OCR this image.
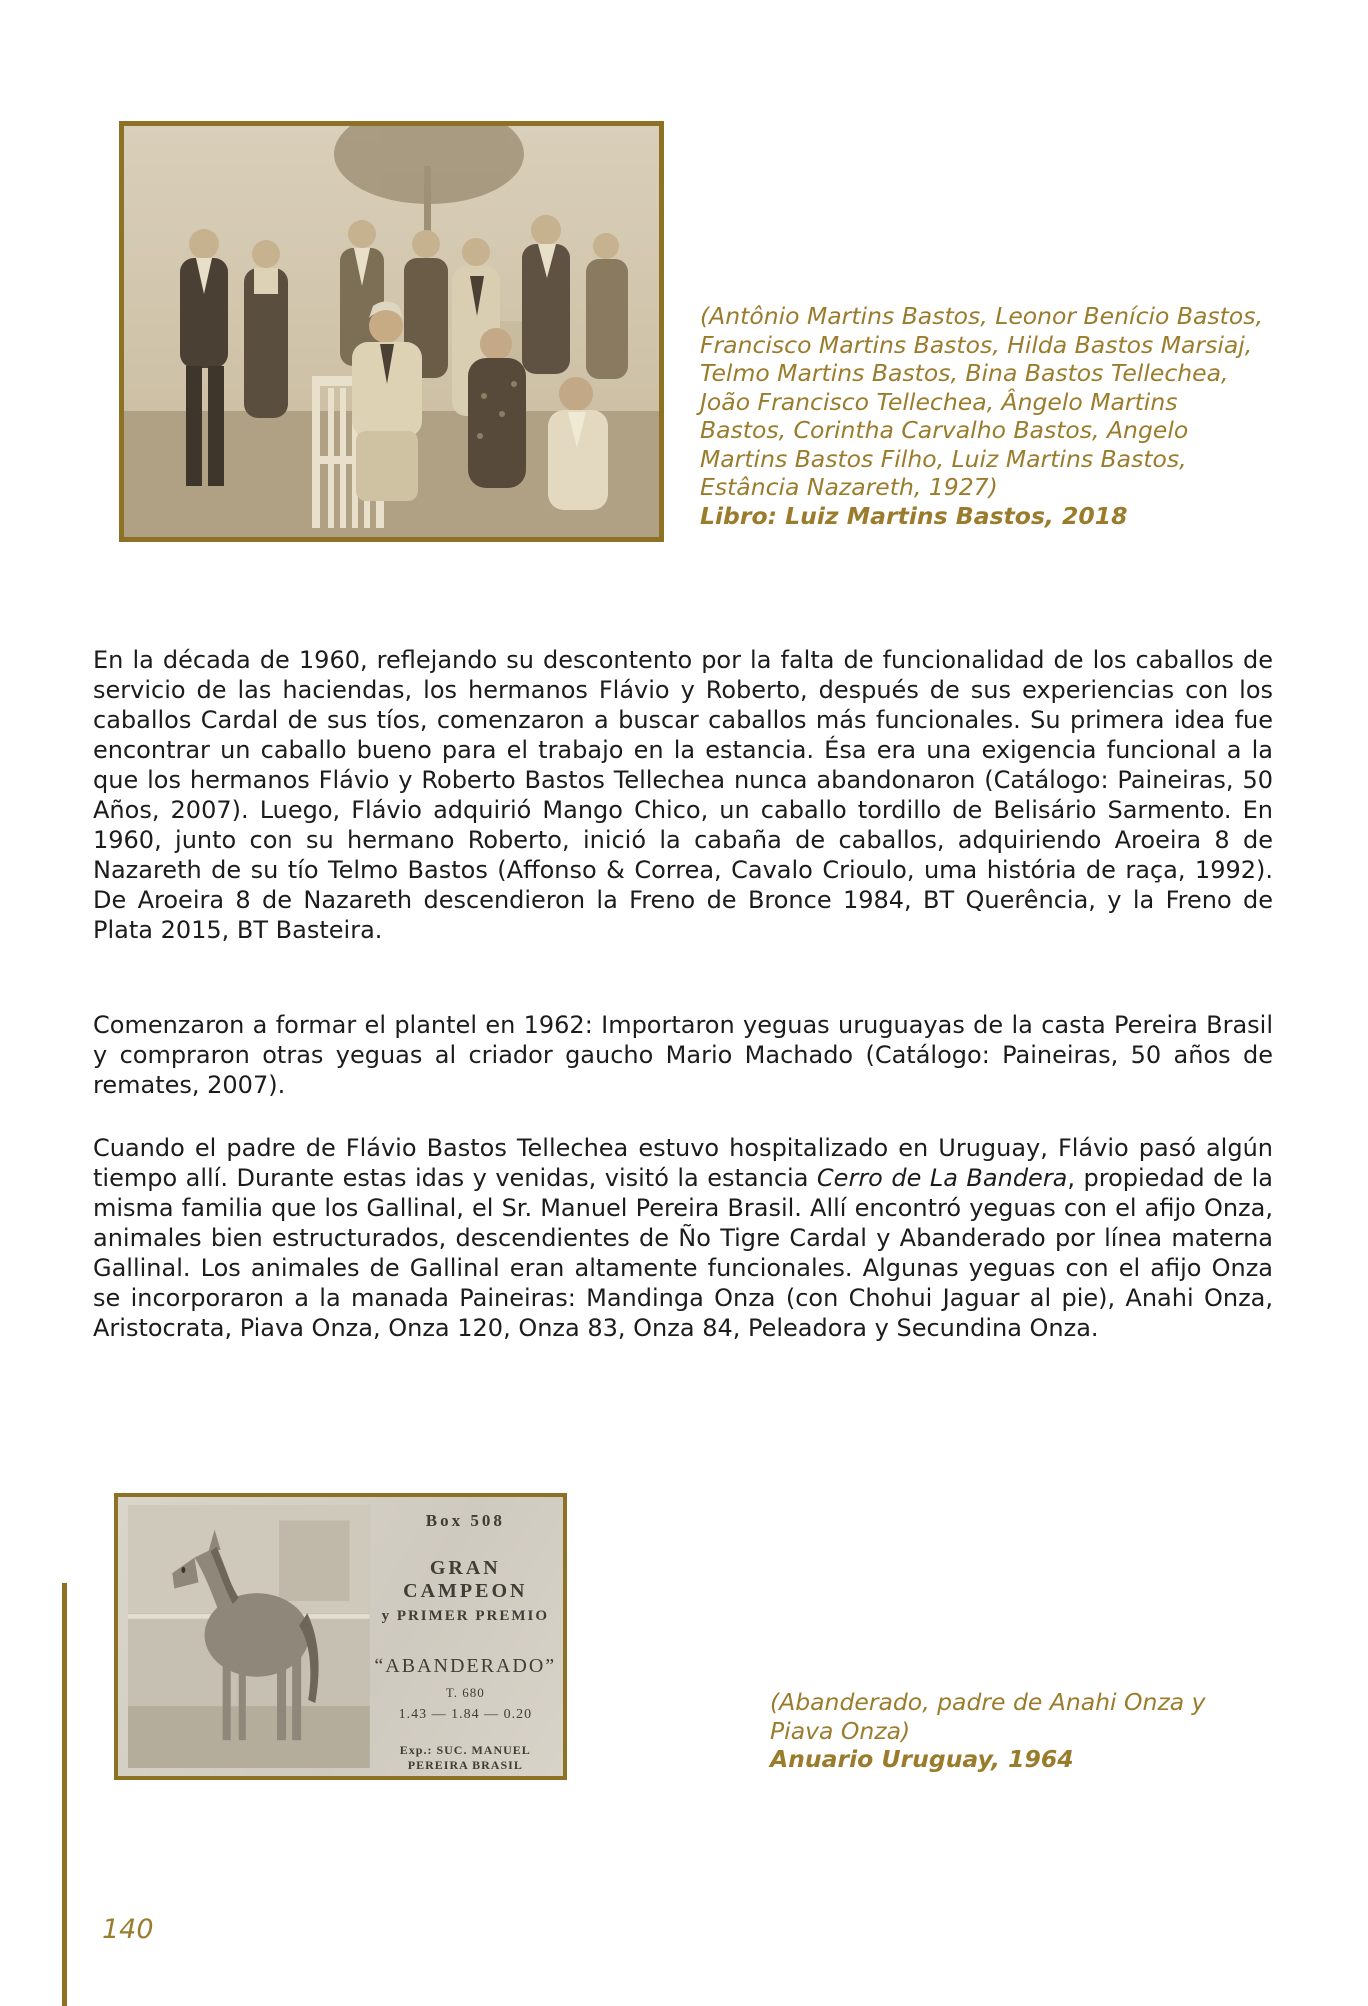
(Antônio Martins Bastos, Leonor Benício Bastos, Francisco Martins Bastos, Hilda Bastos Marsiaj, Telmo Martins Bastos, Bina Bastos Tellechea, João Francisco Tellechea, Ângelo Martins Bastos, Corintha Carvalho Bastos, Angelo Martins Bastos Filho, Luiz Martins Bastos, Estância Nazareth, 1927)
Libro: Luiz Martins Bastos, 2018

En la década de 1960, reflejando su descontento por la falta de funcionalidad de los caballos de servicio de las haciendas, los hermanos Flávio y Roberto, después de sus experiencias con los caballos Cardal de sus tíos, comenzaron a buscar caballos más funcionales. Su primera idea fue encontrar un caballo bueno para el trabajo en la estancia. Ésa era una exigencia funcional a la que los hermanos Flávio y Roberto Bastos Tellechea nunca abandonaron (Catálogo: Paineiras, 50 Años, 2007). Luego, Flávio adquirió Mango Chico, un caballo tordillo de Belisário Sarmento. En 1960, junto con su hermano Roberto, inició la cabaña de caballos, adquiriendo Aroeira 8 de Nazareth de su tío Telmo Bastos (Affonso & Correa, Cavalo Crioulo, uma história de raça, 1992). De Aroeira 8 de Nazareth descendieron la Freno de Bronce 1984, BT Querência, y la Freno de Plata 2015, BT Basteira.

Comenzaron a formar el plantel en 1962: Importaron yeguas uruguayas de la casta Pereira Brasil y compraron otras yeguas al criador gaucho Mario Machado (Catálogo: Paineiras, 50 años de remates, 2007).

Cuando el padre de Flávio Bastos Tellechea estuvo hospitalizado en Uruguay, Flávio pasó algún tiempo allí. Durante estas idas y venidas, visitó la estancia Cerro de La Bandera, propiedad de la misma familia que los Gallinal, el Sr. Manuel Pereira Brasil. Allí encontró yeguas con el afijo Onza, animales bien estructurados, descendientes de Ño Tigre Cardal y Abanderado por línea materna Gallinal. Los animales de Gallinal eran altamente funcionales. Algunas yeguas con el afijo Onza se incorporaron a la manada Paineiras: Mandinga Onza (con Chohui Jaguar al pie), Anahi Onza, Aristocrata, Piava Onza, Onza 120, Onza 83, Onza 84, Peleadora y Secundina Onza.

Box 508
GRAN CAMPEON
y PRIMER PREMIO
“ABANDERADO”
T. 680
1.43 — 1.84 — 0.20
Exp.: SUC. MANUEL PEREIRA BRASIL
(Abanderado, padre de Anahi Onza y Piava Onza)
Anuario Uruguay, 1964
140
